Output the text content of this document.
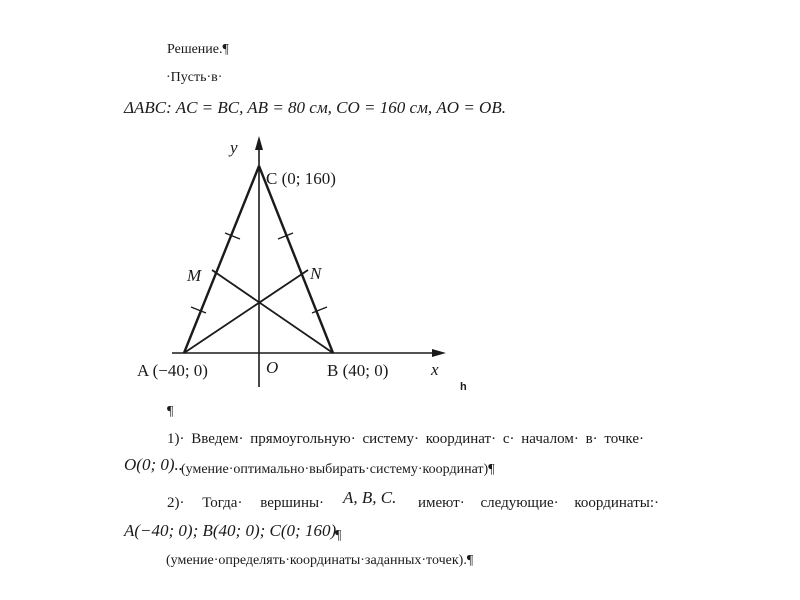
Решение.¶
·Пусть·в·
ΔABC: AC = BC, AB = 80 см, CO = 160 см, AO = OB.
y
x
C (0; 160)
M	N
A (−40; 0)	O	B (40; 0)
h
¶
1)· Введем· прямоугольную· систему· координат· с· началом· в· точке·
O(0; 0)..
(умение·оптимально·выбирать·систему·координат)¶
2)· Тогда· вершины· A, B, C. имеют· следующие· координаты:·
A(−40; 0); B(40; 0); C(0; 160)
¶
(умение·определять·координаты·заданных·точек).¶
